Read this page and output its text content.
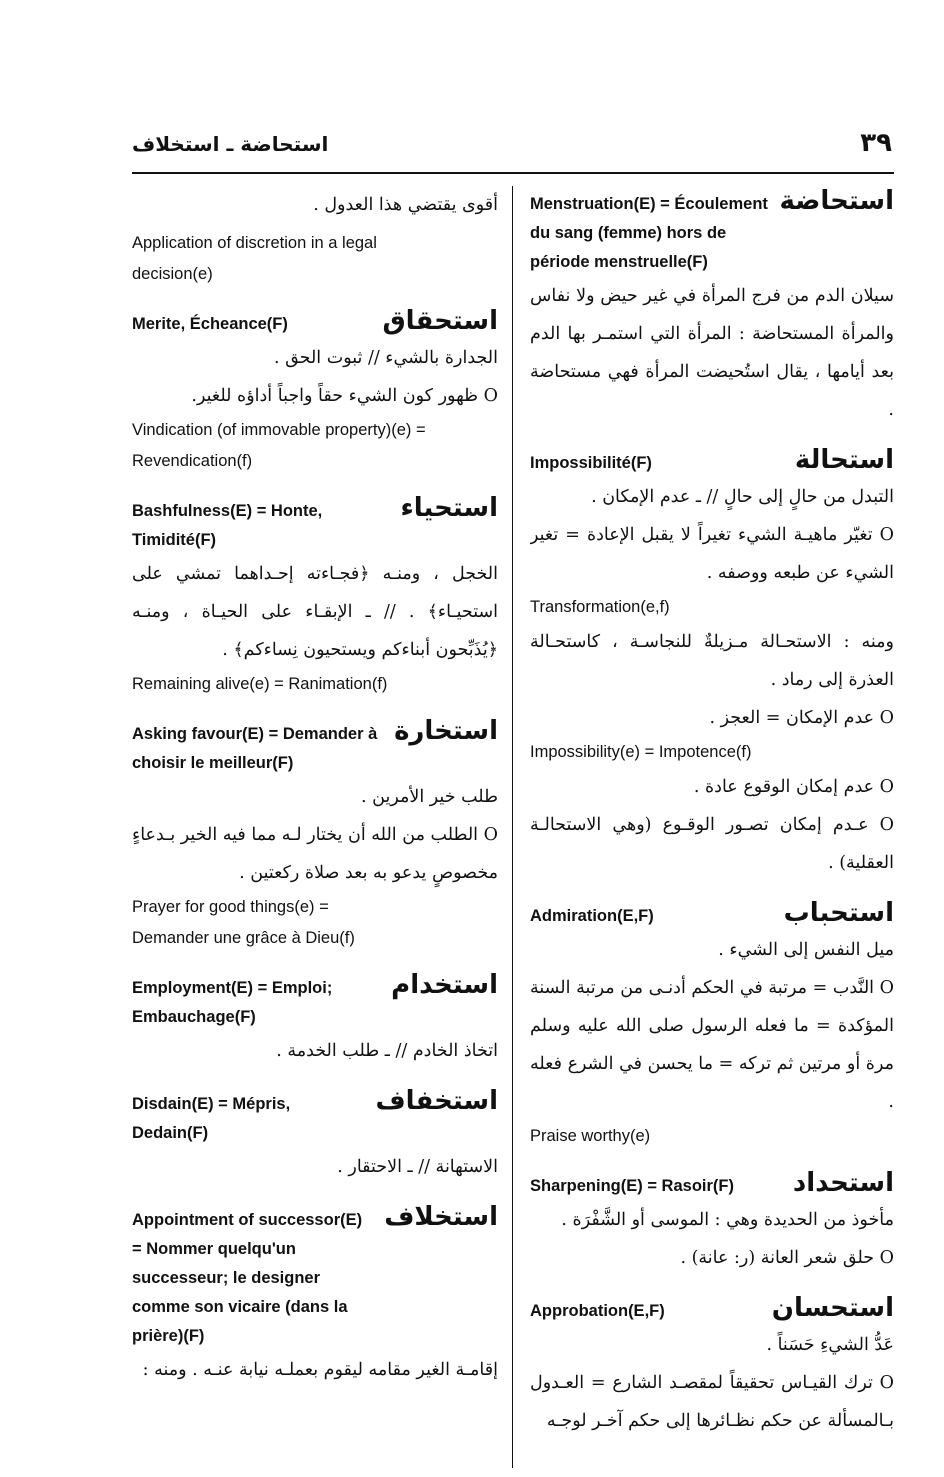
٣٩
استحاضة ـ استخلاف
أقوى يقتضي هذا العدول .
Application of discretion in a legal
decision(e)
Merite, Écheance(F)	استحقاق
الجدارة بالشيء // ثبوت الحق .
O ظهور كون الشيء حقاً واجباً أداؤه للغير.
Vindication (of immovable property)(e) =
Revendication(f)
Bashfulness(E) = Honte, Timidité(F)
استحياء
الخجل ، ومنـه ﴿فجـاءته إحـداهما تمشي على استحيـاء﴾ . // ـ الإبقـاء على الحيـاة ، ومنـه ﴿يُذَبِّحون أبناءكم ويستحيون نِساءكم﴾ .
Remaining alive(e) = Ranimation(f)
Asking favour(E) = Demander à choisir le meilleur(F)
استخارة
طلب خير الأمرين .
O الطلب من الله أن يختار لـه مما فيه الخير بـدعاءٍ مخصوصٍ يدعو به بعد صلاة ركعتين .
Prayer for good things(e) =
Demander une grâce à Dieu(f)
Employment(E) = Emploi; Embauchage(F)
استخدام
اتخاذ الخادم // ـ طلب الخدمة .
Disdain(E) = Mépris, Dedain(F)
استخفاف
الاستهانة // ـ الاحتقار .
Appointment of successor(E) = Nommer quelqu'un successeur; le designer comme son vicaire (dans la prière)(F)
استخلاف
إقامـة الغير مقامه ليقوم بعملـه نيابة عنـه . ومنه :
Menstruation(E) = Écoulement du sang (femme) hors de période menstruelle(F)
استحاضة
سيلان الدم من فرج المرأة في غير حيض ولا نفاس والمرأة المستحاضة : المرأة التي استمـر بها الدم بعد أيامها ، يقال استُحيضت المرأة فهي مستحاضة .
Impossibilité(F)	استحالة
التبدل من حالٍ إلى حالٍ // ـ عدم الإمكان .
O تغيّر ماهيـة الشيء تغيراً لا يقبل الإعادة = تغير الشيء عن طبعه ووصفه .
Transformation(e,f)
ومنه : الاستحـالة مـزيلةٌ للنجاسـة ، كاستحـالة العذرة إلى رماد .
O عدم الإمكان = العجز .
Impossibility(e) = Impotence(f)
O عدم إمكان الوقوع عادة .
O عـدم إمكان تصـور الوقـوع (وهي الاستحالـة العقلية) .
Admiration(E,F)	استحباب
ميل النفس إلى الشيء .
O النَّدب = مرتبة في الحكم أدنـى من مرتبة السنة المؤكدة = ما فعله الرسول صلى الله عليه وسلم مرة أو مرتين ثم تركه = ما يحسن في الشرع فعله .
Praise worthy(e)
Sharpening(E) = Rasoir(F)	استحداد
مأخوذ من الحديدة وهي : الموسى أو الشَّفْرَة .
O حلق شعر العانة (ر: عانة) .
Approbation(E,F)	استحسان
عَدُّ الشيءِ حَسَناً .
O ترك القيـاس تحقيقاً لمقصـد الشارع = العـدول بـالمسألة عن حكم نظـائرها إلى حكم آخـر لوجـه
